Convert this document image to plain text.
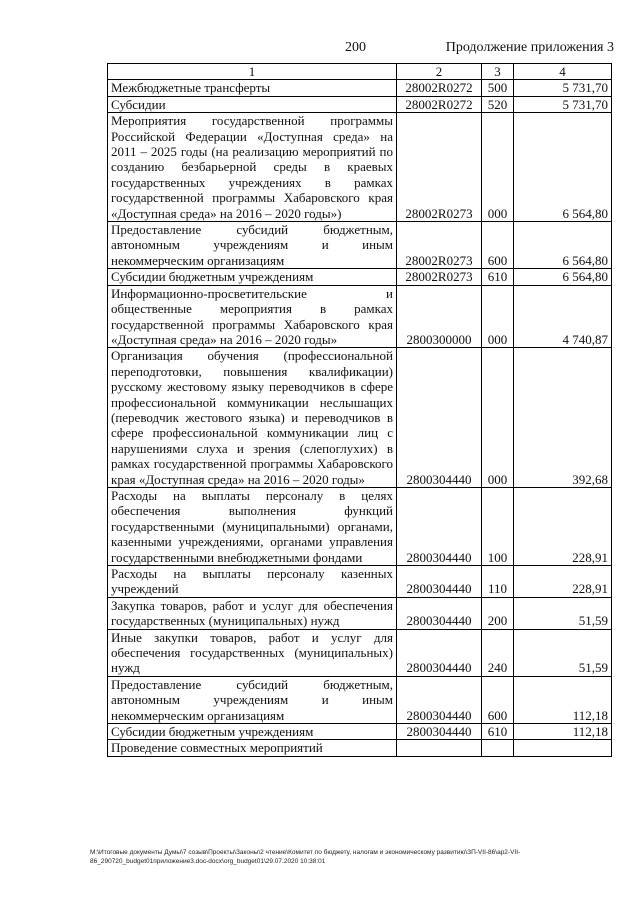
200	Продолжение приложения 3
1	2	3	4
Межбюджетные трансферты	28002R0272	500	5 731,70
Субсидии	28002R0272	520	5 731,70
Мероприятия государственной программы Российской Федерации «Доступная среда» на 2011 – 2025 годы (на реализацию мероприятий по созданию безбарьерной среды в краевых государственных учреждениях в рамках государственной программы Хабаровского края «Доступная среда» на 2016 – 2020 годы»)	28002R0273	000	6 564,80
Предоставление субсидий бюджетным, автономным учреждениям и иным некоммерческим организациям	28002R0273	600	6 564,80
Субсидии бюджетным учреждениям	28002R0273	610	6 564,80
Информационно-просветительские и общественные мероприятия в рамках государственной программы Хабаровского края «Доступная среда» на 2016 – 2020 годы»	2800300000	000	4 740,87
Организация обучения (профессиональной переподготовки, повышения квалификации) русскому жестовому языку переводчиков в сфере профессиональной коммуникации неслышащих (переводчик жестового языка) и переводчиков в сфере профессиональной коммуникации лиц с нарушениями слуха и зрения (слепоглухих) в рамках государственной программы Хабаровского края «Доступная среда» на 2016 – 2020 годы»	2800304440	000	392,68
Расходы на выплаты персоналу в целях обеспечения выполнения функций государственными (муниципальными) органами, казенными учреждениями, органами управления государственными внебюджетными фондами	2800304440	100	228,91
Расходы на выплаты персоналу казенных учреждений	2800304440	110	228,91
Закупка товаров, работ и услуг для обеспечения государственных (муниципальных) нужд	2800304440	200	51,59
Иные закупки товаров, работ и услуг для обеспечения государственных (муниципальных) нужд	2800304440	240	51,59
Предоставление субсидий бюджетным, автономным учреждениям и иным некоммерческим организациям	2800304440	600	112,18
Субсидии бюджетным учреждениям	2800304440	610	112,18
Проведение совместных мероприятий			
M:\Итоговые документы Думы\7 созыв\Проекты\Законы\2 чтение\Комитет по бюджету, налогам и экономическому развитию\ЗП-VII-86\ap2-VII-86_290720_budget01приложение3.doc-docx\org_budget01\29.07.2020 10:38:01
